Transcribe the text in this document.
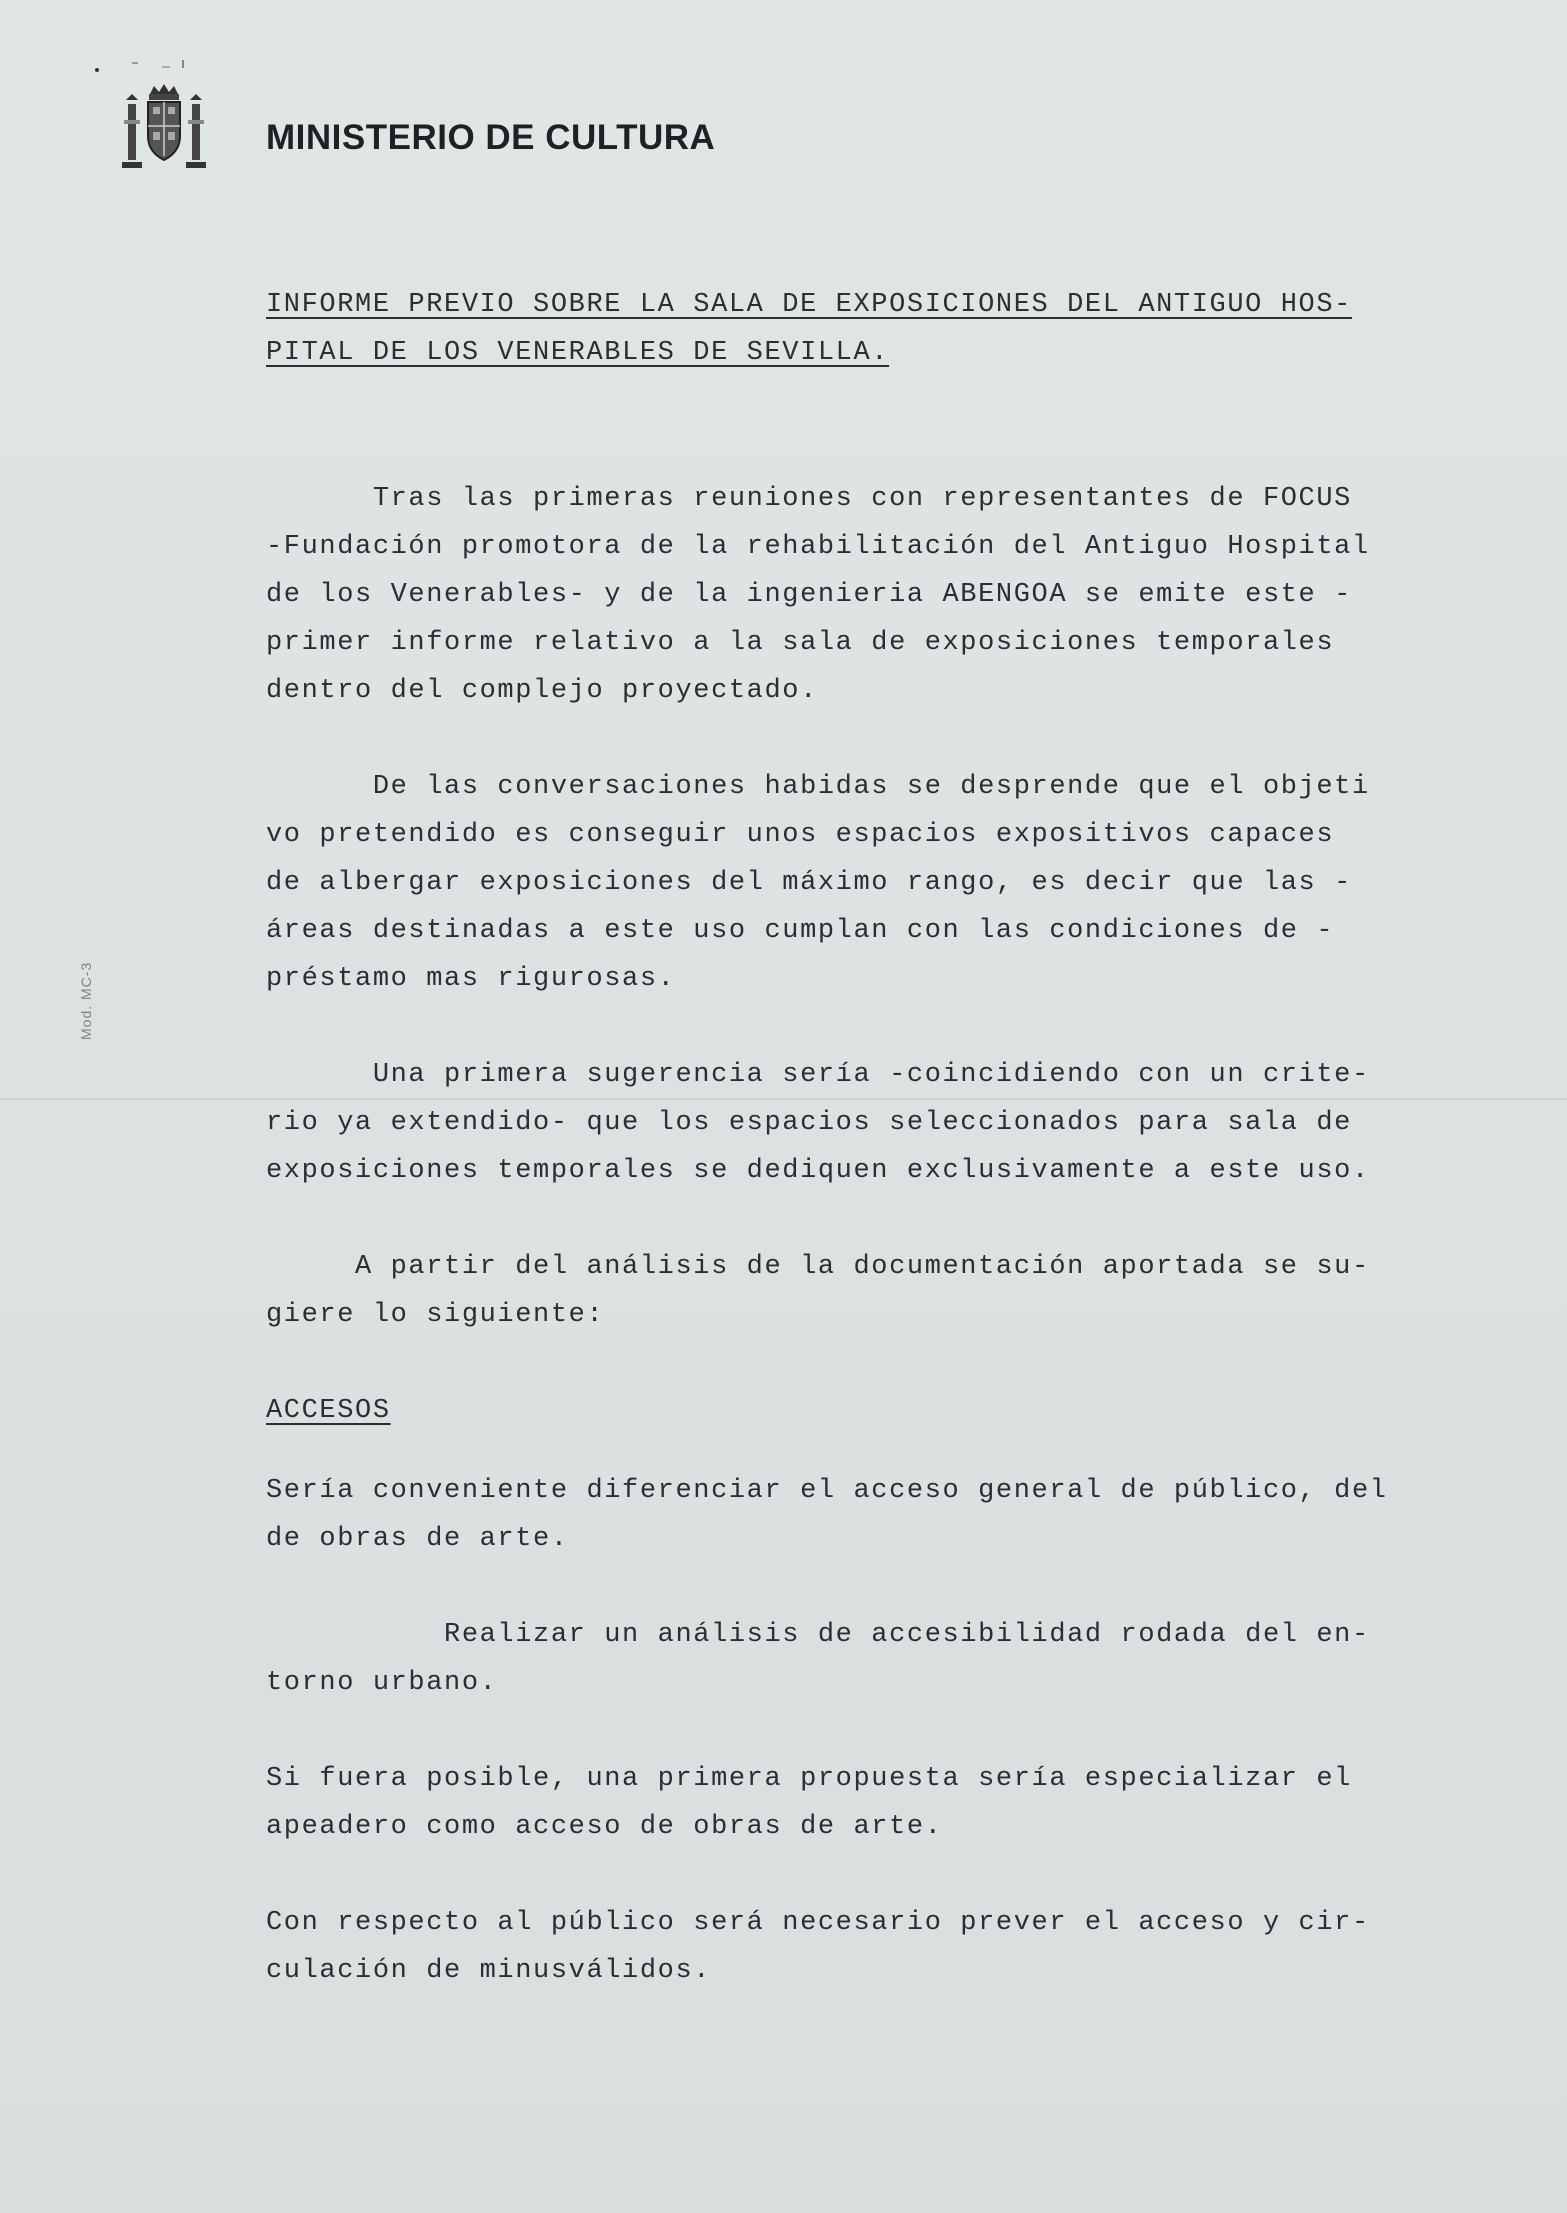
MINISTERIO DE CULTURA
Mod. MC-3
INFORME PREVIO SOBRE LA SALA DE EXPOSICIONES DEL ANTIGUO HOS-
PITAL DE LOS VENERABLES DE SEVILLA.
Tras las primeras reuniones con representantes de FOCUS
-Fundación promotora de la rehabilitación del Antiguo Hospital
de los Venerables- y de la ingenieria ABENGOA se emite este -
primer informe relativo a la sala de exposiciones temporales
dentro del complejo proyectado.
De las conversaciones habidas se desprende que el objeti
vo pretendido es conseguir unos espacios expositivos capaces
de albergar exposiciones del máximo rango, es decir que las -
áreas destinadas a este uso cumplan con las condiciones de -
préstamo mas rigurosas.
Una primera sugerencia sería -coincidiendo con un crite-
rio ya extendido- que los espacios seleccionados para sala de
exposiciones temporales se dediquen exclusivamente a este uso.
A partir del análisis de la documentación aportada se su-
giere lo siguiente:
ACCESOS
Sería conveniente diferenciar el acceso general de público, del
de obras de arte.
Realizar un análisis de accesibilidad rodada del en-
torno urbano.
Si fuera posible, una primera propuesta sería especializar el
apeadero como acceso de obras de arte.
Con respecto al público será necesario prever el acceso y cir-
culación de minusválidos.
